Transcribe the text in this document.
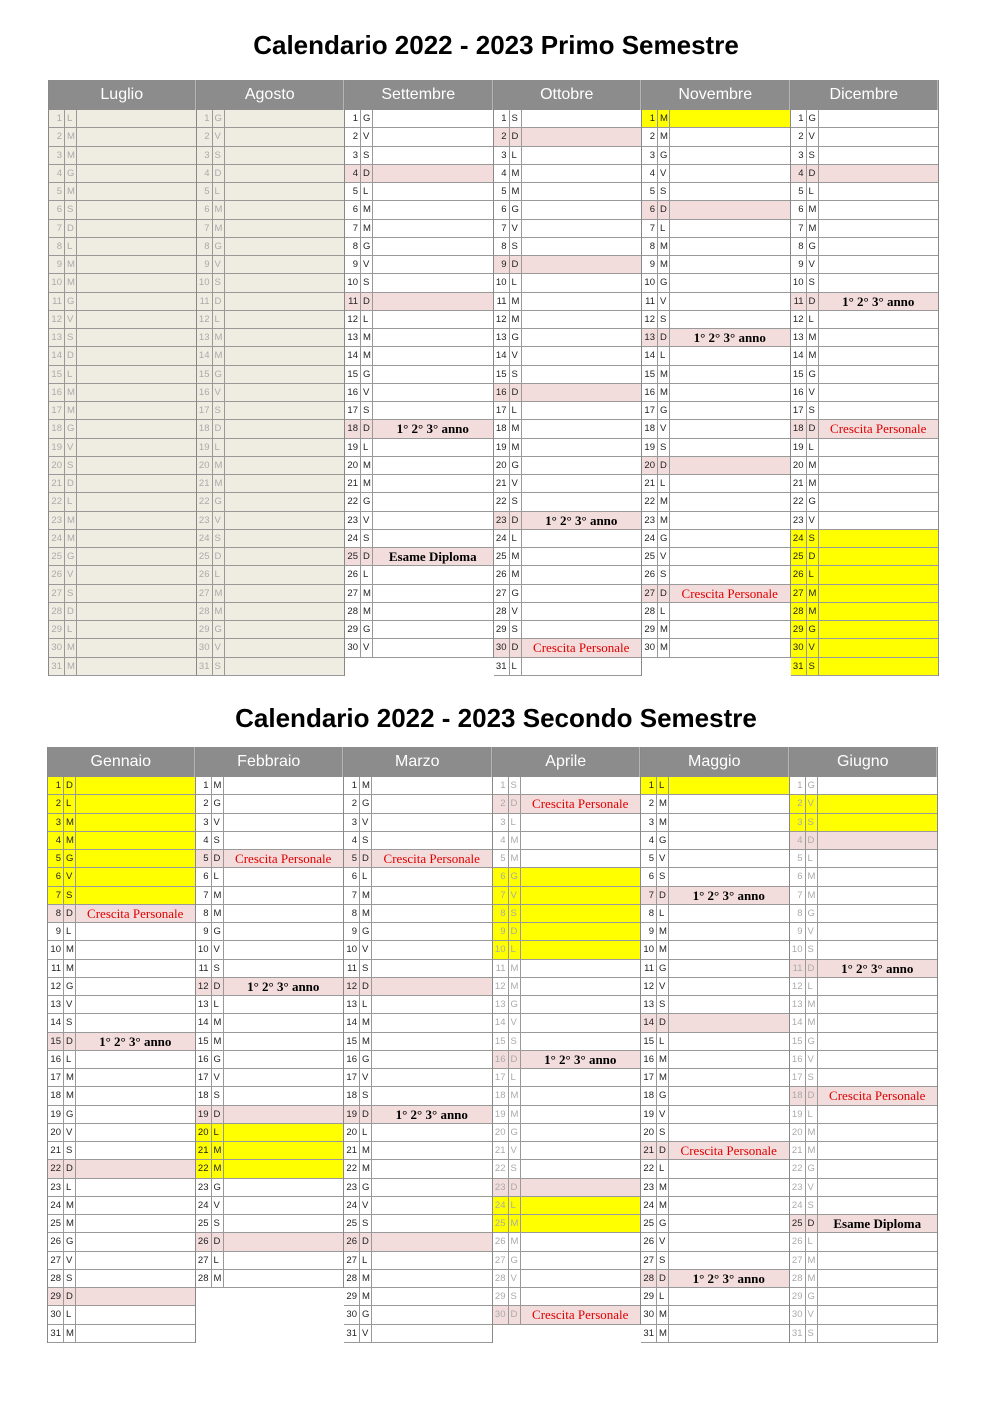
Calendario 2022 - 2023 Primo Semestre
Luglio
1 L
2 M
3 M
4 G
5 M
6 S
7 D
8 L
9 M
10 M
11 G
12 V
13 S
14 D
15 L
16 M
17 M
18 G
19 V
20 S
21 D
22 L
23 M
24 M
25 G
26 V
27 S
28 D
29 L
30 M
31 M
Agosto
1 G
2 V
3 S
4 D
5 L
6 M
7 M
8 G
9 V
10 S
11 D
12 L
13 M
14 M
15 G
16 V
17 S
18 D
19 L
20 M
21 M
22 G
23 V
24 S
25 D
26 L
27 M
28 M
29 G
30 V
31 S
Settembre
1 G
2 V
3 S
4 D
5 L
6 M
7 M
8 G
9 V
10 S
11 D
12 L
13 M
14 M
15 G
16 V
17 S
18 D	1° 2° 3° anno
19 L
20 M
21 M
22 G
23 V
24 S
25 D	Esame Diploma
26 L
27 M
28 M
29 G
30 V
Ottobre
1 S
2 D
3 L
4 M
5 M
6 G
7 V
8 S
9 D
10 L
11 M
12 M
13 G
14 V
15 S
16 D
17 L
18 M
19 M
20 G
21 V
22 S
23 D	1° 2° 3° anno
24 L
25 M
26 M
27 G
28 V
29 S
30 D	Crescita Personale
31 L
Novembre
1 M
2 M
3 G
4 V
5 S
6 D
7 L
8 M
9 M
10 G
11 V
12 S
13 D	1° 2° 3° anno
14 L
15 M
16 M
17 G
18 V
19 S
20 D
21 L
22 M
23 M
24 G
25 V
26 S
27 D	Crescita Personale
28 L
29 M
30 M
Dicembre
1 G
2 V
3 S
4 D
5 L
6 M
7 M
8 G
9 V
10 S
11 D	1° 2° 3° anno
12 L
13 M
14 M
15 G
16 V
17 S
18 D	Crescita Personale
19 L
20 M
21 M
22 G
23 V
24 S
25 D
26 L
27 M
28 M
29 G
30 V
31 S
Calendario 2022 - 2023 Secondo Semestre
Gennaio
1 D
2 L
3 M
4 M
5 G
6 V
7 S
8 D	Crescita Personale
9 L
10 M
11 M
12 G
13 V
14 S
15 D	1° 2° 3° anno
16 L
17 M
18 M
19 G
20 V
21 S
22 D
23 L
24 M
25 M
26 G
27 V
28 S
29 D
30 L
31 M
Febbraio
1 M
2 G
3 V
4 S
5 D	Crescita Personale
6 L
7 M
8 M
9 G
10 V
11 S
12 D	1° 2° 3° anno
13 L
14 M
15 M
16 G
17 V
18 S
19 D
20 L
21 M
22 M
23 G
24 V
25 S
26 D
27 L
28 M
Marzo
1 M
2 G
3 V
4 S
5 D	Crescita Personale
6 L
7 M
8 M
9 G
10 V
11 S
12 D
13 L
14 M
15 M
16 G
17 V
18 S
19 D	1° 2° 3° anno
20 L
21 M
22 M
23 G
24 V
25 S
26 D
27 L
28 M
29 M
30 G
31 V
Aprile
1 S
2 D	Crescita Personale
3 L
4 M
5 M
6 G
7 V
8 S
9 D
10 L
11 M
12 M
13 G
14 V
15 S
16 D	1° 2° 3° anno
17 L
18 M
19 M
20 G
21 V
22 S
23 D
24 L
25 M
26 M
27 G
28 V
29 S
30 D	Crescita Personale
Maggio
1 L
2 M
3 M
4 G
5 V
6 S
7 D	1° 2° 3° anno
8 L
9 M
10 M
11 G
12 V
13 S
14 D
15 L
16 M
17 M
18 G
19 V
20 S
21 D	Crescita Personale
22 L
23 M
24 M
25 G
26 V
27 S
28 D	1° 2° 3° anno
29 L
30 M
31 M
Giugno
1 G
2 V
3 S
4 D
5 L
6 M
7 M
8 G
9 V
10 S
11 D	1° 2° 3° anno
12 L
13 M
14 M
15 G
16 V
17 S
18 D	Crescita Personale
19 L
20 M
21 M
22 G
23 V
24 S
25 D	Esame Diploma
26 L
27 M
28 M
29 G
30 V
31 S
